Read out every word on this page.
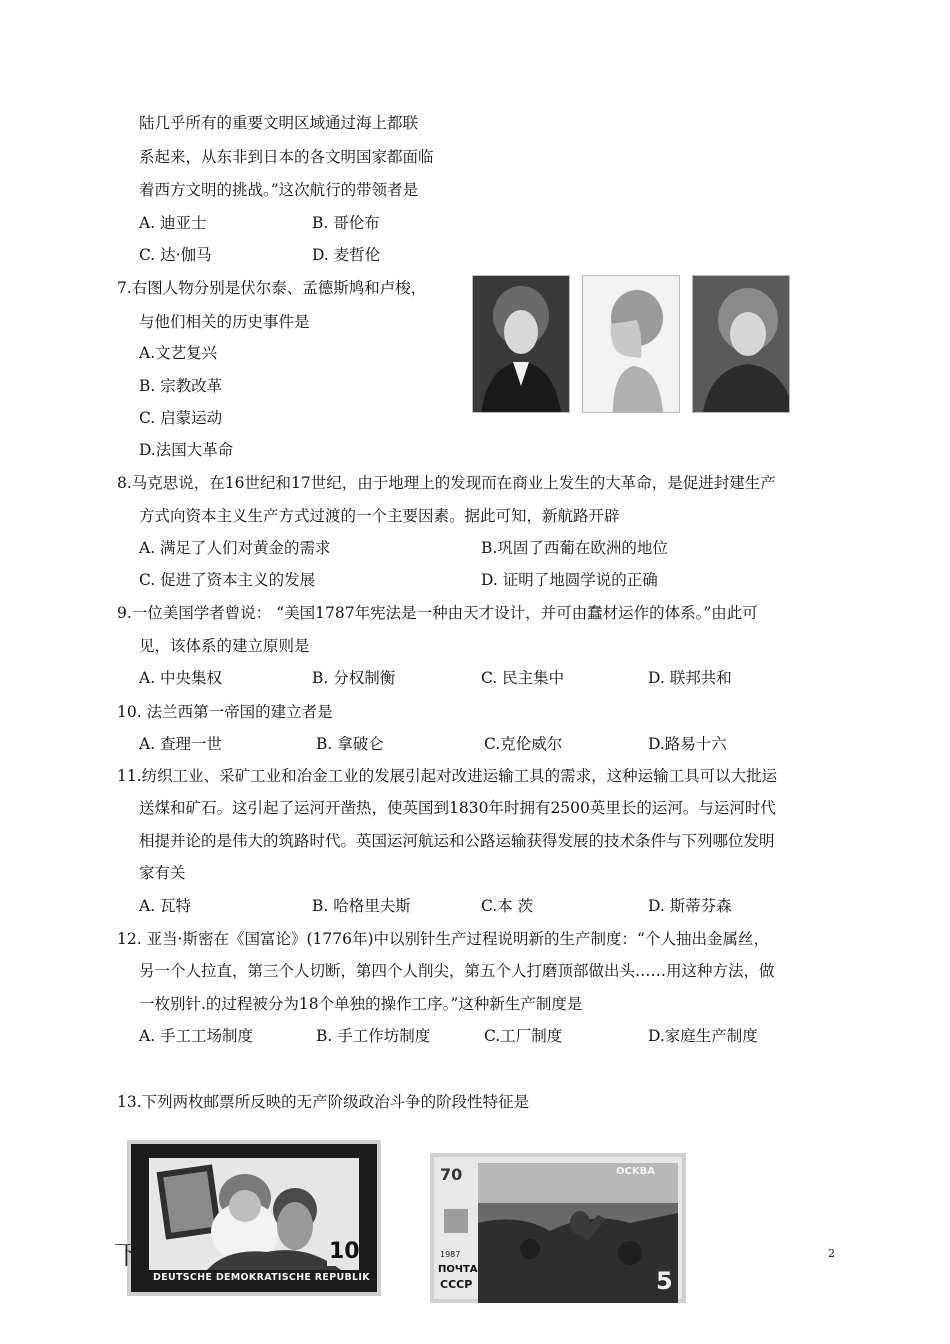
陆几乎所有的重要文明区域通过海上都联
系起来，从东非到日本的各文明国家都面临
着西方文明的挑战。”这次航行的带领者是
A. 迪亚士	B. 哥伦布
C. 达·伽马	D. 麦哲伦
7.右图人物分别是伏尔泰、孟德斯鸠和卢梭，
与他们相关的历史事件是
A.文艺复兴
B. 宗教改革
C. 启蒙运动
D.法国大革命
8.马克思说，在16世纪和17世纪，由于地理上的发现而在商业上发生的大革命，是促进封建生产
方式向资本主义生产方式过渡的一个主要因素。据此可知，新航路开辟
A. 满足了人们对黄金的需求	B.巩固了西葡在欧洲的地位
C. 促进了资本主义的发展	D. 证明了地圆学说的正确
9.一位美国学者曾说： “美国1787年宪法是一种由天才设计，并可由蠢材运作的体系。”由此可
见，该体系的建立原则是
A. 中央集权	B. 分权制衡	C. 民主集中	D. 联邦共和
10. 法兰西第一帝国的建立者是
A. 查理一世	B. 拿破仑	C.克伦威尔	D.路易十六
11.纺织工业、采矿工业和冶金工业的发展引起对改进运输工具的需求，这种运输工具可以大批运
送煤和矿石。这引起了运河开凿热，使英国到1830年时拥有2500英里长的运河。与运河时代
相提并论的是伟大的筑路时代。英国运河航运和公路运输获得发展的技术条件与下列哪位发明
家有关
A. 瓦特	B. 哈格里夫斯	C.本 茨	D. 斯蒂芬森
12. 亚当·斯密在《国富论》(1776年)中以别针生产过程说明新的生产制度：“个人抽出金属丝，
另一个人拉直，第三个人切断，第四个人削尖，第五个人打磨顶部做出头……用这种方法，做
一枚别针.的过程被分为18个单独的操作工序。”这种新生产制度是
A. 手工工场制度	B. 手工作坊制度	C.工厂制度	D.家庭生产制度
13.下列两枚邮票所反映的无产阶级政治斗争的阶段性特征是
10
DEUTSCHE DEMOKRATISCHE REPUBLIK
下
70	OCKBA
1987
ПОЧТА
СССР	5
2
